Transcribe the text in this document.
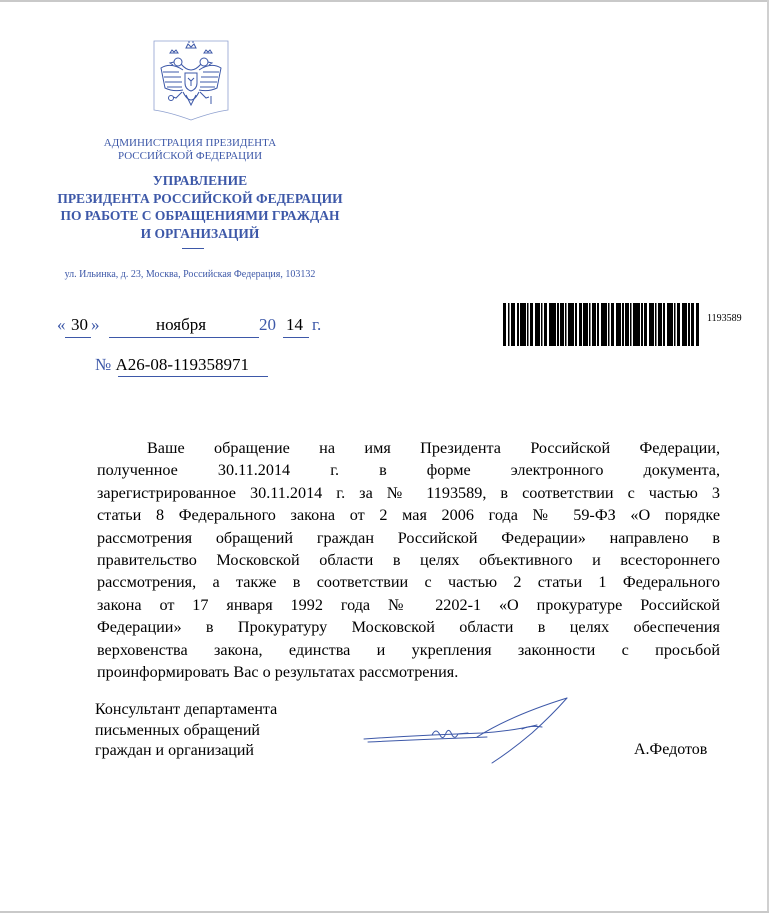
АДМИНИСТРАЦИЯ ПРЕЗИДЕНТА
РОССИЙСКОЙ ФЕДЕРАЦИИ
УПРАВЛЕНИЕ
ПРЕЗИДЕНТА РОССИЙСКОЙ ФЕДЕРАЦИИ
ПО РАБОТЕ С ОБРАЩЕНИЯМИ ГРАЖДАН
И ОРГАНИЗАЦИЙ
ул. Ильинка, д. 23, Москва, Российская Федерация, 103132
« 30 »	ноября	20 14 г.
№ А26-08-119358971
1193589
Ваше обращение на имя Президента Российской Федерации,
полученное 30.11.2014 г. в форме электронного документа,
зарегистрированное 30.11.2014 г. за № 1193589, в соответствии с частью 3
статьи 8 Федерального закона от 2 мая 2006 года № 59-ФЗ «О порядке
рассмотрения обращений граждан Российской Федерации» направлено в
правительство Московской области в целях объективного и всестороннего
рассмотрения, а также в соответствии с частью 2 статьи 1 Федерального
закона от 17 января 1992 года № 2202-1 «О прокуратуре Российской
Федерации» в Прокуратуру Московской области в целях обеспечения
верховенства закона, единства и укрепления законности с просьбой
проинформировать Вас о результатах рассмотрения.
Консультант департамента
письменных обращений
граждан и организаций	А.Федотов
